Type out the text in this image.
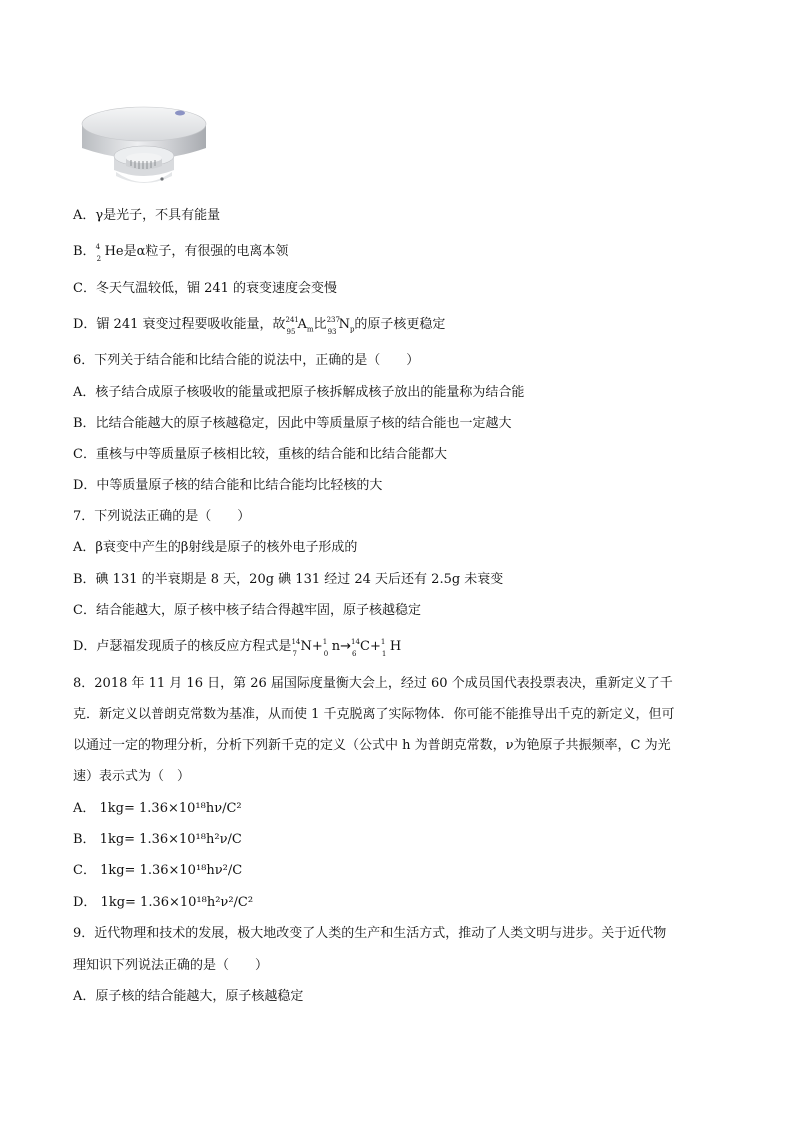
A．γ是光子，不具有能量
B． 4
2 He是α粒子，有很强的电离本领
C．冬天气温较低，镅 241 的衰变速度会变慢
D．镅 241 衰变过程要吸收能量，故 241
95 $A_m$比 237
93 $N_p$的原子核更稳定
6．下列关于结合能和比结合能的说法中，正确的是（　　）
A．核子结合成原子核吸收的能量或把原子核拆解成核子放出的能量称为结合能
B．比结合能越大的原子核越稳定，因此中等质量原子核的结合能也一定越大
C．重核与中等质量原子核相比较，重核的结合能和比结合能都大
D．中等质量原子核的结合能和比结合能均比轻核的大
7．下列说法正确的是（　　）
A．β衰变中产生的β射线是原子的核外电子形成的
B．碘 131 的半衰期是 8 天，20g 碘 131 经过 24 天后还有 2.5g 未衰变
C．结合能越大，原子核中核子结合得越牢固，原子核越稳定
D．卢瑟福发现质子的核反应方程式是 14
7 N+ 1
0 n→ 14
6 C+ 1
1 H
8．2018 年 11 月 16 日，第 26 届国际度量衡大会上，经过 60 个成员国代表投票表决，重新定义了千
克．新定义以普朗克常数为基准，从而使 1 千克脱离了实际物体．你可能不能推导出千克的新定义，但可
以通过一定的物理分析，分析下列新千克的定义（公式中 h 为普朗克常数，ν为铯原子共振频率，C 为光
速）表示式为（　）
A． 1kg= 1.36×10¹⁸hν/C²
B． 1kg= 1.36×10¹⁸h²ν/C
C． 1kg= 1.36×10¹⁸hν²/C
D． 1kg= 1.36×10¹⁸h²ν²/C²
9．近代物理和技术的发展，极大地改变了人类的生产和生活方式，推动了人类文明与进步。关于近代物
理知识下列说法正确的是（　　）
A．原子核的结合能越大，原子核越稳定
